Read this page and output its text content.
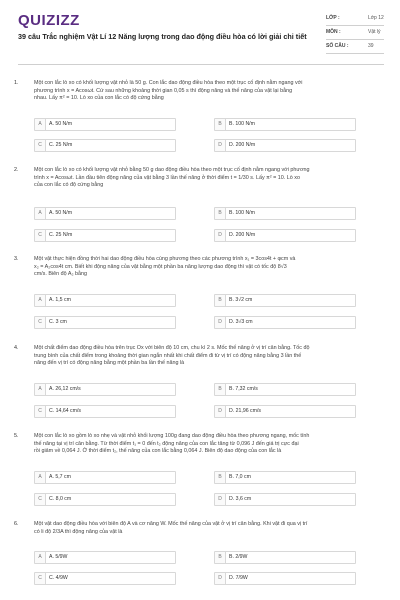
QUIZIZZ
39 câu Trắc nghiệm Vật Lí 12 Năng lượng trong dao động điều hòa có lời giải chi tiết
LỚP :	Lớp 12
MÔN :	Vật lý
SỐ CÂU :	39
1.	Một con lắc lò xo có khối lượng vật nhỏ là 50 g. Con lắc dao động điều hòa theo một trục cố định nằm ngang với
phương trình x = Acosωt. Cứ sau những khoảng thời gian 0,05 s thì động năng và thế năng của vật lại bằng
nhau. Lấy π² = 10. Lò xo của con lắc có độ cứng bằng
A	A. 50 N/m	B	B. 100 N/m
C	C. 25 N/m	D	D. 200 N/m
2.	Một con lắc lò xo có khối lượng vật nhỏ bằng 50 g dao động điều hòa theo một trục cố định nằm ngang với phương
trình x = Acosωt. Lần đầu tiên động năng của vật bằng 3 lần thế năng ở thời điểm t = 1/30 s. Lấy π² = 10. Lò xo
của con lắc có độ cứng bằng
A	A. 50 N/m	B	B. 100 N/m
C	C. 25 N/m	D	D. 200 N/m
3.	Một vật thực hiện đồng thời hai dao động điều hòa cùng phương theo các phương trình x₁ = 3cos4t + φcm và
x₂ = A₂cos4t cm. Biết khi động năng của vật bằng một phần ba năng lượng dao động thì vật có tốc độ 8√3
cm/s. Biên độ A₂ bằng
A	A. 1,5 cm	B	B. 3√2 cm
C	C. 3 cm	D	D. 3√3 cm
4.	Một chất điểm dao động điều hòa trên trục Ox với biên độ 10 cm, chu kì 2 s. Mốc thế năng ở vị trí cân bằng. Tốc độ
trung bình của chất điểm trong khoảng thời gian ngắn nhất khi chất điểm đi từ vị trí có động năng bằng 3 lần thế
năng đến vị trí có động năng bằng một phần ba lần thế năng là
A	A. 26,12 cm/s	B	B. 7,32 cm/s
C	C. 14,64 cm/s	D	D. 21,96 cm/s
5.	Một con lắc lò xo gồm lò xo nhẹ và vật nhỏ khối lượng 100g đang dao động điều hòa theo phương ngang, mốc tính
thế năng tại vị trí cân bằng. Từ thời điểm t₁ = 0 đến t₂ động năng của con lắc tăng từ 0,096 J đến giá trị cực đại
rồi giảm về 0,064 J. Ở thời điểm t₂, thế năng của con lắc bằng 0,064 J. Biên độ dao động của con lắc là
A	A. 5,7 cm	B	B. 7,0 cm
C	C. 8,0 cm	D	D. 3,6 cm
6.	Một vật dao động điều hòa với biên độ A và cơ năng W. Mốc thế năng của vật ở vị trí cân bằng. Khi vật đi qua vị trí
có li độ 2/3A thì động năng của vật là
A	A. 5/9W	B	B. 2/9W
C	C. 4/9W	D	D. 7/9W
